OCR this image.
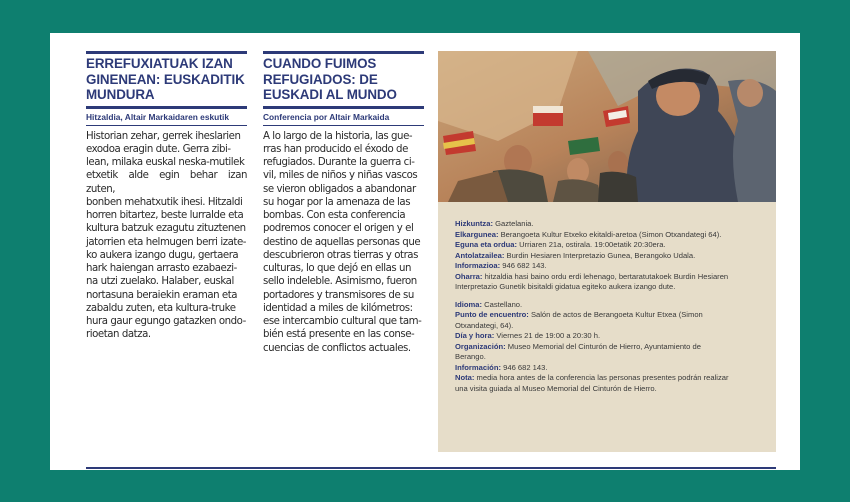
ERREFUXIATUAK IZAN
GINENEAN: EUSKADITIK
MUNDURA
Hitzaldia, Altair Markaidaren eskutik
Historian zehar, gerrek iheslarien
exodoa eragin dute. Gerra zibi-
lean, milaka euskal neska-mutilek
etxetik alde egin behar izan zuten,
bonben mehatxutik ihesi. Hitzaldi
horren bitartez, beste lurralde eta
kultura batzuk ezagutu zituztenen
jatorrien eta helmugen berri izate-
ko aukera izango dugu, gertaera
hark haiengan arrasto ezabaezi-
na utzi zuelako. Halaber, euskal
nortasuna beraiekin eraman eta
zabaldu zuten, eta kultura-truke
hura gaur egungo gatazken ondo-
rioetan datza.
CUANDO FUIMOS
REFUGIADOS: DE
EUSKADI AL MUNDO
Conferencia por Altair Markaida
A lo largo de la historia, las gue-
rras han producido el éxodo de
refugiados. Durante la guerra ci-
vil, miles de niños y niñas vascos
se vieron obligados a abandonar
su hogar por la amenaza de las
bombas. Con esta conferencia
podremos conocer el origen y el
destino de aquellas personas que
descubrieron otras tierras y otras
culturas, lo que dejó en ellas un
sello indeleble. Asimismo, fueron
portadores y transmisores de su
identidad a miles de kilómetros:
ese intercambio cultural que tam-
bién está presente en las conse-
cuencias de conflictos actuales.

Hizkuntza: Gaztelania.

Elkargunea: Berangoeta Kultur Etxeko ekitaldi-aretoa (Simon Otxandategi 64).

Eguna eta orduа: Urriaren 21a, ostirala. 19:00etatik 20:30era.

Antolatzailea: Burdin Hesiaren Interpretazio Gunea, Berangoko Udala.

Informazioa: 946 682 143.

Oharra: hitzaldia hasi baino ordu erdi lehenago, bertaratutakoek Burdin Hesiaren

Interpretazio Gunetik bisitaldi gidatua egiteko aukera izango dute.

Idioma: Castellano.

Punto de encuentro: Salón de actos de Berangoeta Kultur Etxea (Simon

Otxandategi, 64).

Día y hora: Viernes 21 de 19:00 a 20:30 h.

Organización: Museo Memorial del Cinturón de Hierro, Ayuntamiento de

Berango.

Información: 946 682 143.

Nota: media hora antes de la conferencia las personas presentes podrán realizar

una visita guiada al Museo Memorial del Cinturón de Hierro.
